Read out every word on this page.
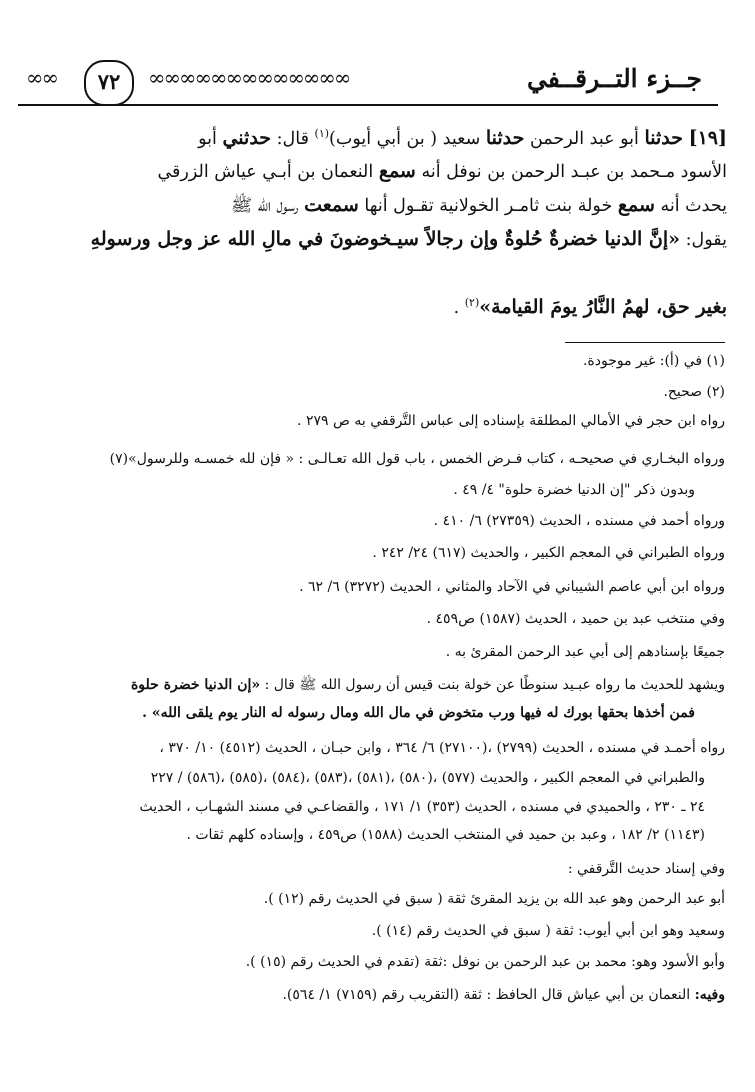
جــزء التــرقــفي
∞∞∞∞∞∞∞∞∞∞∞∞∞
٧٢
∞∞
[١٩] حدثنا أبو عبد الرحمن حدثنا سعيد ( بن أبي أيوب)$^{(١)}$ قال: حدثني أبو
الأسود مـحمد بن عبـد الرحمن بن نوفل أنه سمع النعمان بن أبـي عياش الزرقي
يحدث أنه سمع خولة بنت ثامـر الخولانية تقـول أنها سمعت رسول الله ﷺ
يقول: «إنَّ الدنيا خضرةٌ حُلوةٌ وإن رجالاً سيـخوضونَ في مالِ الله عز وجل ورسولهِ
بغير حق، لهمُ النَّارُ يومَ القيامة»$^{(٢)}$ .
(١) في (أ): غير موجودة.
(٢) صحيح.
رواه ابن حجر في الأمالي المطلقة بإسناده إلى عباس التَّرقفي به ص ٢٧٩ .
ورواه البخـاري في صحيحـه ، كتاب فـرض الخمس ، باب قول الله تعـالـى : « فإن لله خمسـه وللرسول»(٧)
وبدون ذكر "إن الدنيا خضرة حلوة" ٤/ ٤٩ .
ورواه أحمد في مسنده ، الحديث (٢٧٣٥٩) ٦/ ٤١٠ .
ورواه الطبراني في المعجم الكبير ، والحديث (٦١٧) ٢٤/ ٢٤٢ .
ورواه ابن أبي عاصم الشيباني في الآحاد والمثاني ، الحديث (٣٢٧٢) ٦/ ٦٢ .
وفي منتخب عبد بن حميد ، الحديث (١٥٨٧) ص٤٥٩ .
جميعًا بإسنادهم إلى أبي عبد الرحمن المقرئ به .
ويشهد للحديث ما رواه عبـيد سنوطًا عن خولة بنت قيس أن رسول الله ﷺ قال : «إن الدنيا خضرة حلوة
فمن أخذها بحقها بورك له فيها ورب متخوض في مال الله ومال رسوله له النار يوم يلقى الله» .
رواه أحمـد في مسنده ، الحديث (٢٧٩٩) ،(٢٧١٠٠) ٦/ ٣٦٤ ، وابن حبـان ، الحديث (٤٥١٢) ١٠/ ٣٧٠ ،
والطبراني في المعجم الكبير ، والحديث (٥٧٧) ،(٥٨٠) ،(٥٨١) ،(٥٨٣) ،(٥٨٤) ،(٥٨٥) ،(٥٨٦) / ٢٢٧
٢٤ ـ ٢٣٠ ، والحميدي في مسنده ، الحديث (٣٥٣) ١/ ١٧١ ، والقضاعـي في مسند الشهـاب ، الحديث
(١١٤٣) ٢/ ١٨٢ ، وعبد بن حميد في المنتخب الحديث (١٥٨٨) ص٤٥٩ ، وإسناده كلهم ثقات .
وفي إسناد حديث التَّرقفي :
أبو عبد الرحمن وهو عبد الله بن يزيد المقرئ ثقة ( سبق في الحديث رقم (١٢) ).
وسعيد وهو ابن أبي أيوب: ثقة ( سبق في الحديث رقم (١٤) ).
وأبو الأسود وهو: محمد بن عبد الرحمن بن نوفل :ثقة (تقدم في الحديث رقم (١٥) ).
وفيه: النعمان بن أبي عياش قال الحافظ : ثقة (التقريب رقم (٧١٥٩) ١/ ٥٦٤).
